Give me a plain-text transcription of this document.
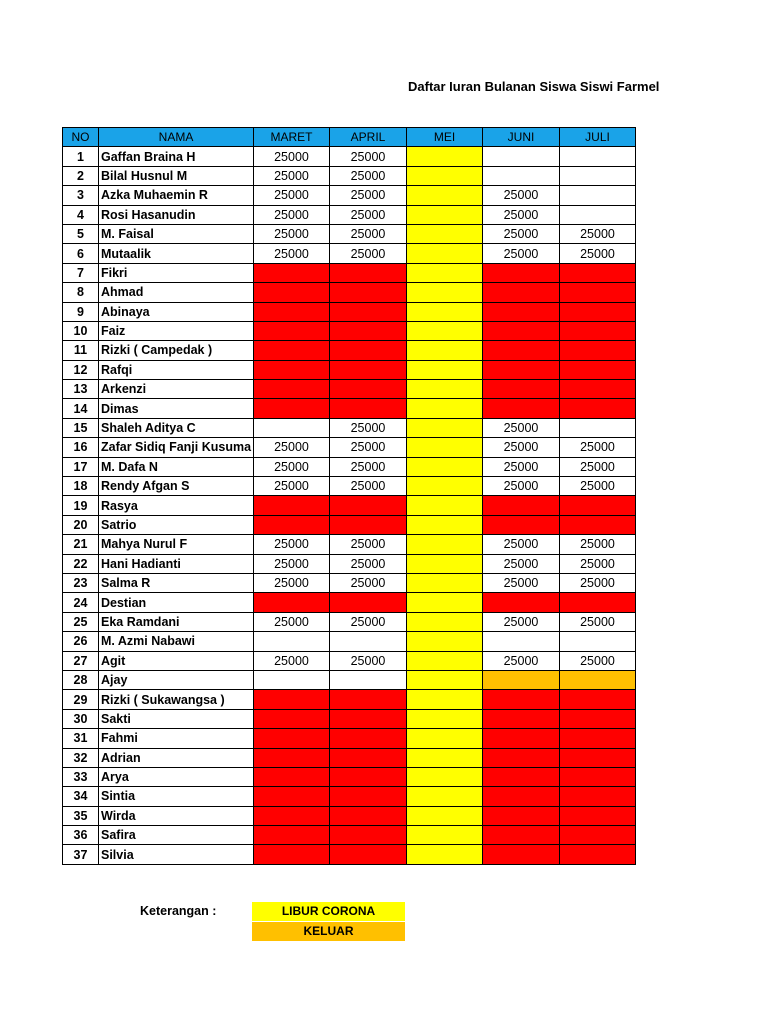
Daftar Iuran Bulanan Siswa Siswi Farmel
NO	NAMA	MARET	APRIL	MEI	JUNI	JULI
1	Gaffan Braina H	25000	25000			
2	Bilal Husnul M	25000	25000			
3	Azka Muhaemin R	25000	25000		25000	
4	Rosi Hasanudin	25000	25000		25000	
5	M. Faisal	25000	25000		25000	25000
6	Mutaalik	25000	25000		25000	25000
7	Fikri					
8	Ahmad					
9	Abinaya					
10	Faiz					
11	Rizki ( Campedak )					
12	Rafqi					
13	Arkenzi					
14	Dimas					
15	Shaleh Aditya C		25000		25000	
16	Zafar Sidiq Fanji Kusuma	25000	25000		25000	25000
17	M. Dafa N	25000	25000		25000	25000
18	Rendy Afgan S	25000	25000		25000	25000
19	Rasya					
20	Satrio					
21	Mahya Nurul F	25000	25000		25000	25000
22	Hani Hadianti	25000	25000		25000	25000
23	Salma R	25000	25000		25000	25000
24	Destian					
25	Eka Ramdani	25000	25000		25000	25000
26	M. Azmi Nabawi					
27	Agit	25000	25000		25000	25000
28	Ajay					
29	Rizki ( Sukawangsa )					
30	Sakti					
31	Fahmi					
32	Adrian					
33	Arya					
34	Sintia					
35	Wirda					
36	Safira					
37	Silvia					
Keterangan :	LIBUR CORONA
KELUAR
